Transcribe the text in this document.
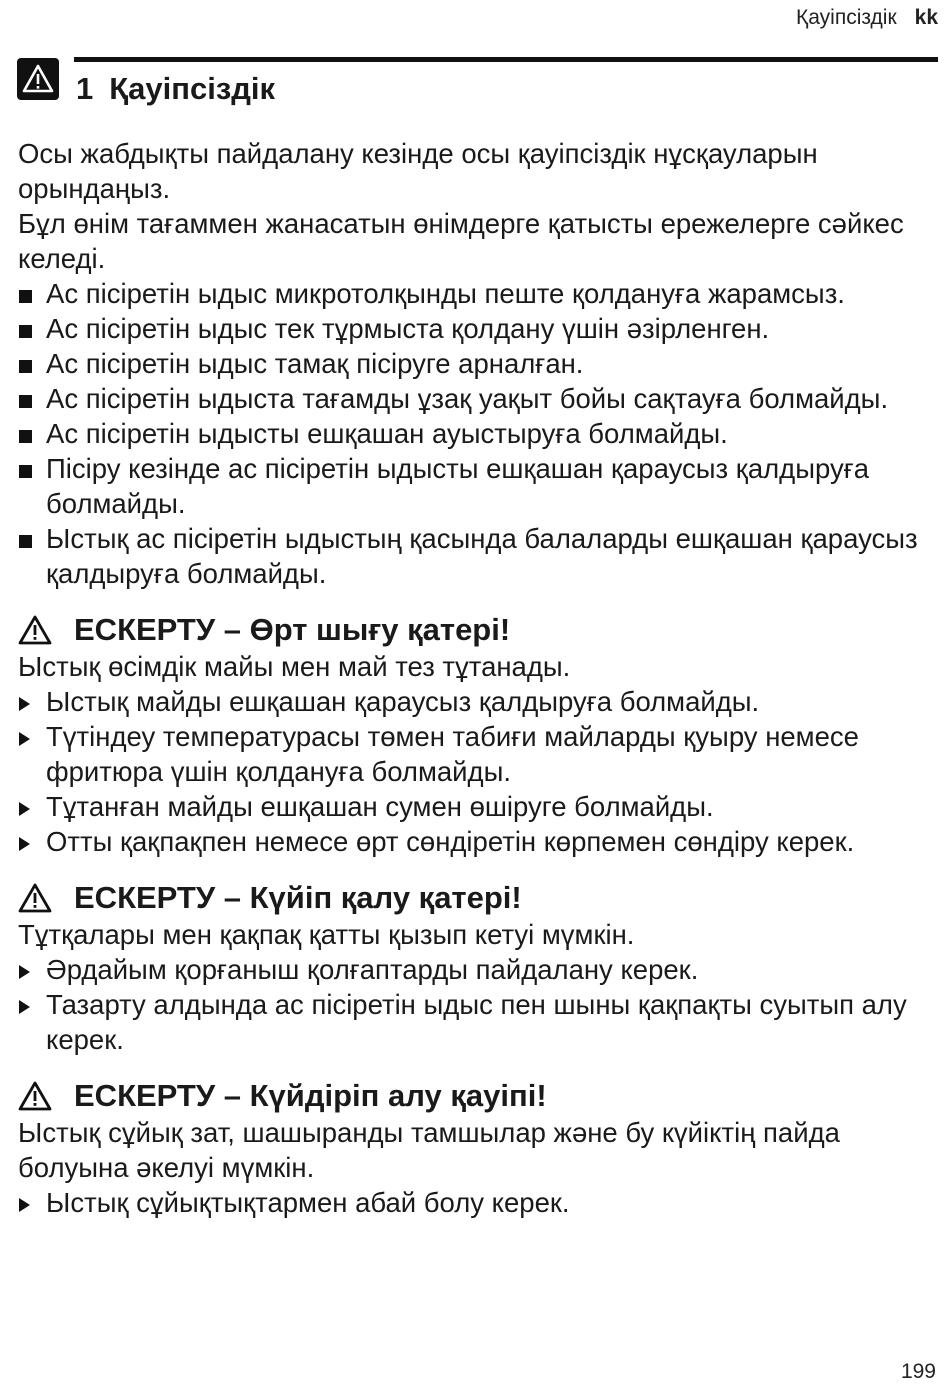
Қауіпсіздік kk
1 Қауіпсіздік

Осы жабдықты пайдалану кезінде осы қауіпсіздік нұсқауларын орындаңыз.

Бұл өнім тағаммен жанасатын өнімдерге қатысты ережелерге сәйкес келеді.

Ас пісіретін ыдыс микротолқынды пеште қолдануға жарамсыз.
Ас пісіретін ыдыс тек тұрмыста қолдану үшін әзірленген.
Ас пісіретін ыдыс тамақ пісіруге арналған.
Ас пісіретін ыдыста тағамды ұзақ уақыт бойы сақтауға болмайды.
Ас пісіретін ыдысты ешқашан ауыстыруға болмайды.
Пісіру кезінде ас пісіретін ыдысты ешқашан қараусыз қалдыруға болмайды.
Ыстық ас пісіретін ыдыстың қасында балаларды ешқашан қараусыз қалдыруға болмайды.
ЕСКЕРТУ – Өрт шығу қатері!

Ыстық өсімдік майы мен май тез тұтанады.

Ыстық майды ешқашан қараусыз қалдыруға болмайды.
Түтіндеу температурасы төмен табиғи майларды қуыру немесе фритюра үшін қолдануға болмайды.
Тұтанған майды ешқашан сумен өшіруге болмайды.
Отты қақпақпен немесе өрт сөндіретін көрпемен сөндіру керек.
ЕСКЕРТУ – Күйіп қалу қатері!

Тұтқалары мен қақпақ қатты қызып кетуі мүмкін.

Әрдайым қорғаныш қолғаптарды пайдалану керек.
Тазарту алдында ас пісіретін ыдыс пен шыны қақпақты суытып алу керек.
ЕСКЕРТУ – Күйдіріп алу қауіпі!

Ыстық сұйық зат, шашыранды тамшылар және бу күйіктің пайда болуына әкелуі мүмкін.

Ыстық сұйықтықтармен абай болу керек.
199
